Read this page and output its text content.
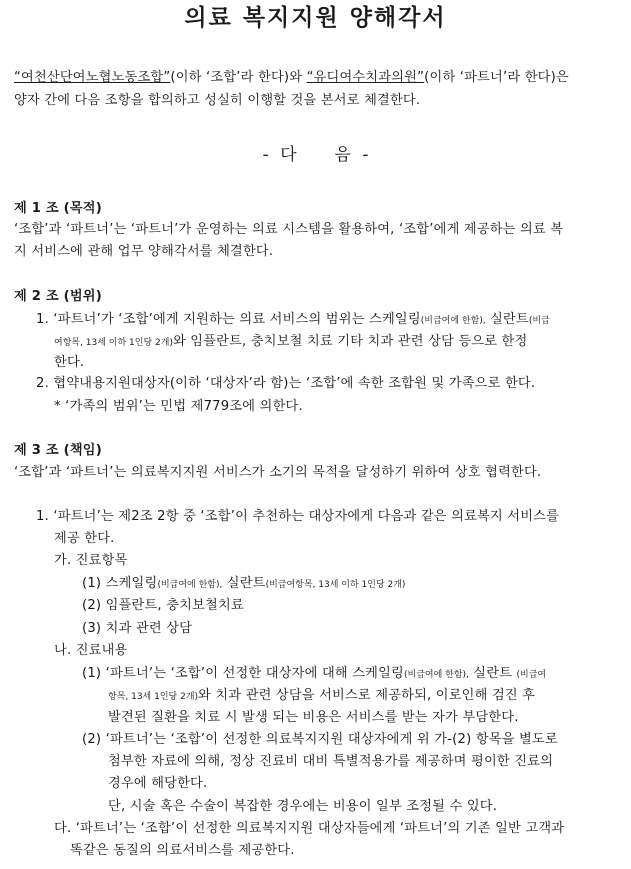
의료 복지지원 양해각서
“여천산단여노협노동조합”(이하 ‘조합’라 한다)와 “유디여수치과의원”(이하 ‘파트너’라 한다)은
양자 간에 다음 조항을 합의하고 성실히 이행할 것을 본서로 체결한다.
- 다 음 -
제 1 조 (목적)
‘조합’과 ‘파트너’는 ‘파트너’가 운영하는 의료 시스템을 활용하여, ‘조합’에게 제공하는 의료 복
지 서비스에 관해 업무 양해각서를 체결한다.
제 2 조 (범위)
1. ‘파트너’가 ‘조합’에게 지원하는 의료 서비스의 범위는 스케일링(비급여에 한함), 실란트(비급
여항목, 13세 이하 1인당 2개)와 임플란트, 충치보철 치료 기타 치과 관련 상담 등으로 한정
한다.
2. 협약내용지원대상자(이하 ‘대상자’라 함)는 ‘조합’에 속한 조합원 및 가족으로 한다.
* ‘가족의 범위’는 민법 제779조에 의한다.
제 3 조 (책임)
‘조합’과 ‘파트너’는 의료복지지원 서비스가 소기의 목적을 달성하기 위하여 상호 협력한다.
1. ‘파트너’는 제2조 2항 중 ‘조합’이 추천하는 대상자에게 다음과 같은 의료복지 서비스를
제공 한다.
가. 진료항목
(1) 스케일링(비급여에 한함), 실란트(비급여항목, 13세 이하 1인당 2개)
(2) 임플란트, 충치보철치료
(3) 치과 관련 상담
나. 진료내용
(1) ‘파트너’는 ‘조합’이 선정한 대상자에 대해 스케일링(비급여에 한함), 실란트 (비급여
항목, 13세 1인당 2개)와 치과 관련 상담을 서비스로 제공하되, 이로인해 검진 후
발견된 질환을 치료 시 발생 되는 비용은 서비스를 받는 자가 부담한다.
(2) ‘파트너’는 ‘조합’이 선정한 의료복지지원 대상자에게 위 가-(2) 항목을 별도로
첨부한 자료에 의해, 정상 진료비 대비 특별적용가를 제공하며 평이한 진료의
경우에 해당한다.
단, 시술 혹은 수술이 복잡한 경우에는 비용이 일부 조정될 수 있다.
다. ‘파트너’는 ‘조합’이 선정한 의료복지지원 대상자들에게 ‘파트너’의 기존 일반 고객과
똑같은 동질의 의료서비스를 제공한다.
